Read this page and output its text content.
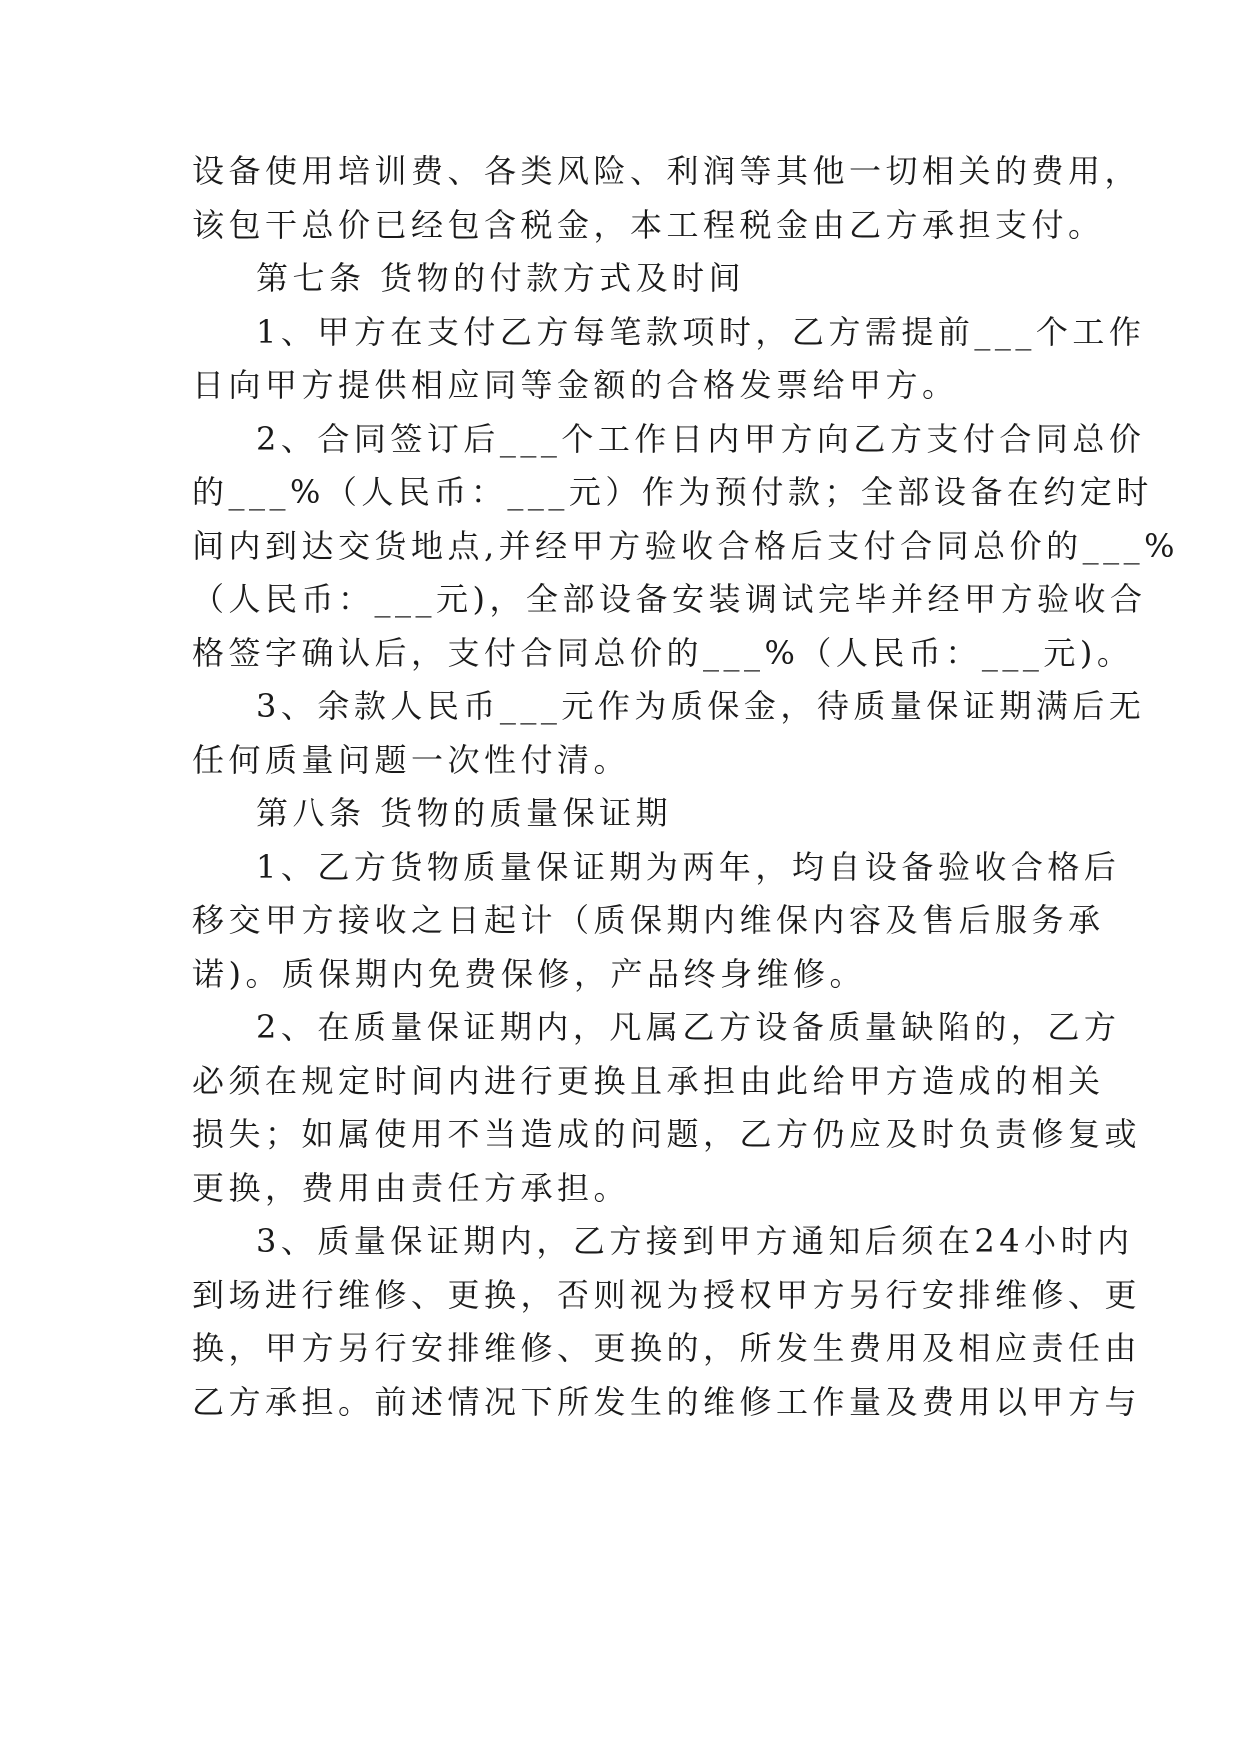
设备使用培训费、各类风险、利润等其他一切相关的费用，
该包干总价已经包含税金，本工程税金由乙方承担支付。
第七条 货物的付款方式及时间
1、甲方在支付乙方每笔款项时，乙方需提前___个工作
日向甲方提供相应同等金额的合格发票给甲方。
2、合同签订后___个工作日内甲方向乙方支付合同总价
的___%（人民币：___元）作为预付款；全部设备在约定时
间内到达交货地点,并经甲方验收合格后支付合同总价的___%
（人民币：___元)，全部设备安装调试完毕并经甲方验收合
格签字确认后，支付合同总价的___%（人民币：___元)。
3、余款人民币___元作为质保金，待质量保证期满后无
任何质量问题一次性付清。
第八条 货物的质量保证期
1、乙方货物质量保证期为两年，均自设备验收合格后
移交甲方接收之日起计（质保期内维保内容及售后服务承
诺)。质保期内免费保修，产品终身维修。
2、在质量保证期内，凡属乙方设备质量缺陷的，乙方
必须在规定时间内进行更换且承担由此给甲方造成的相关
损失；如属使用不当造成的问题，乙方仍应及时负责修复或
更换，费用由责任方承担。
3、质量保证期内，乙方接到甲方通知后须在24小时内
到场进行维修、更换，否则视为授权甲方另行安排维修、更
换，甲方另行安排维修、更换的，所发生费用及相应责任由
乙方承担。前述情况下所发生的维修工作量及费用以甲方与
